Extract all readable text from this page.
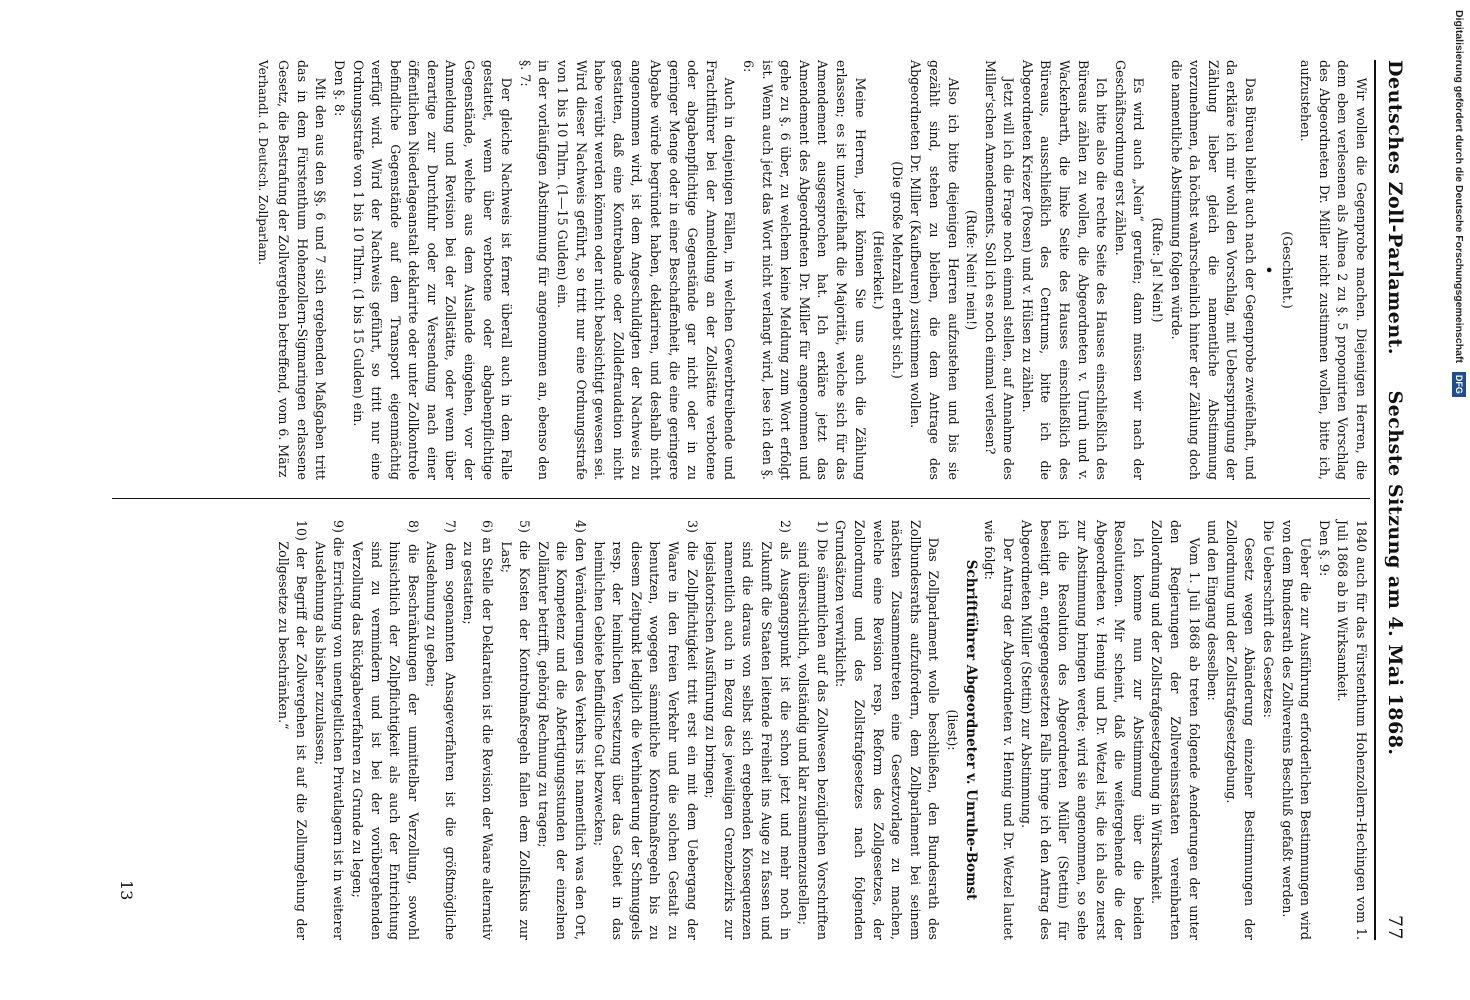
Deutsches Zoll-Parlament.
Sechste Sitzung am 4. Mai 1868.
77

Wir wollen die Gegenprobe machen. Diejenigen Herren, die dem eben verlesenen als Alinea 2 zu §. 5 proponirten Vorschlag des Abgeordneten Dr. Miller nicht zustimmen wollen, bitte ich, aufzustehen.

(Geschieht.)

•

Das Büreau bleibt auch nach der Gegenprobe zweifelhaft, und da erkläre ich mir wohl den Vorschlag, mit Ueberspringung der Zählung lieber gleich die namentliche Abstimmung vorzunehmen, da höchst wahrscheinlich hinter der Zählung doch die namentliche Abstimmung folgen würde.

(Rufe: Ja! Nein!)

Es wird auch „Nein“ gerufen; dann müssen wir nach der Geschäftsordnung erst zählen.

Ich bitte also die rechte Seite des Hauses einschließlich des Büreaus zählen zu wollen, die Abgeordneten v. Unruh und v. Wackerbarth, die linke Seite des Hauses einschließlich des Büreaus, ausschließlich des Centrums, bitte ich die Abgeordneten Kriezer (Posen) und v. Hülsen zu zählen.

Jetzt will ich die Frage noch einmal stellen, auf Annahme des Miller'schen Amendements. Soll ich es noch einmal verlesen?

(Rufe: Nein! nein!)

Also ich bitte diejenigen Herren aufzustehen und bis sie gezählt sind, stehen zu bleiben, die dem Antrage des Abgeordneten Dr. Miller (Kaufbeuren) zustimmen wollen.

(Die große Mehrzahl erhebt sich.)

(Heiterkeit.)

Meine Herren, jetzt können Sie uns auch die Zählung erlassen; es ist unzweifelhaft die Majorität, welche sich für das Amendement ausgesprochen hat. Ich erkläre jetzt das Amendement des Abgeordneten Dr. Miller für angenommen und gehe zu §. 6 über, zu welchem keine Meldung zum Wort erfolgt ist. Wenn auch jetzt das Wort nicht verlangt wird, lese ich den §. 6:

Auch in denjenigen Fällen, in welchen Gewerbtreibende und Frachtführer bei der Anmeldung an der Zollstätte verbotene oder abgabenpflichtige Gegenstände gar nicht oder in zu geringer Menge oder in einer Beschaffenheit, die eine geringere Abgabe würde begründet haben, deklariren, und deshalb nicht angenommen wird, ist dem Angeschuldigten der Nachweis zu gestatten, daß eine Kontrebande oder Zolldefraudation nicht habe verübt werden können oder nicht beabsichtigt gewesen sei. Wird dieser Nachweis geführt, so tritt nur eine Ordnungsstrafe von 1 bis 10 Thlrn. (1—15 Gulden) ein.

in der vorläufigen Abstimmung für angenommen an, ebenso den §. 7:

Der gleiche Nachweis ist ferner überall auch in dem Falle gestattet, wenn über verbotene oder abgabenpflichtige Gegenstände, welche aus dem Auslande eingehen, vor der Anmeldung und Revision bei der Zollstätte, oder wenn über derartige zur Durchfuhr oder zur Versendung nach einer öffentlichen Niederlageanstalt deklarirte oder unter Zollkontrole befindliche Gegenstände auf dem Transport eigenmächtig verfügt wird. Wird der Nachweis geführt, so tritt nur eine Ordnungsstrafe von 1 bis 10 Thlrn. (1 bis 15 Gulden) ein.

Den §. 8:

Mit den aus den §§. 6 und 7 sich ergebenden Maßgaben tritt das in dem Fürstenthum Hohenzollern-Sigmaringen erlassene Gesetz, die Bestrafung der Zollvergehen betreffend, vom 6. März

Verhandl. d. Deutsch. Zollparlam.

1840 auch für das Fürstenthum Hohenzollern-Hechingen vom 1. Juli 1868 ab in Wirksamkeit.

Den §. 9:

Ueber die zur Ausführung erforderlichen Bestimmungen wird von dem Bundesrath des Zollvereins Beschluß gefaßt werden.

Die Ueberschrift des Gesetzes:

Gesetz wegen Abänderung einzelner Bestimmungen der Zollordnung und der Zollstrafgesetzgebung.

und den Eingang desselben:

Vom 1. Juli 1868 ab treten folgende Aenderungen der unter den Regierungen der Zollvereinsstaaten vereinbarten Zollordnung und der Zollstrafgesetzgebung in Wirksamkeit.

Ich komme nun zur Abstimmung über die beiden Resolutionen. Mir scheint, daß die weitergehende die der Abgeordneten v. Hennig und Dr. Wetzel ist, die ich also zuerst zur Abstimmung bringen werde; wird sie angenommen, so sehe ich die Resolution des Abgeordneten Müller (Stettin) für beseitigt an, entgegengesetzten Falls bringe ich den Antrag des Abgeordneten Müller (Stettin) zur Abstimmung.

Der Antrag der Abgeordneten v. Hennig und Dr. Wetzel lautet wie folgt:

Schriftführer Abgeordneter v. Unruhe-Bomst

(liest):

Das Zollparlament wolle beschließen, den Bundesrath des Zollbundesraths aufzufordern, dem Zollparlament bei seinem nächsten Zusammentreten eine Gesetzvorlage zu machen, welche eine Revision resp. Reform des Zollgesetzes, der Zollordnung und des Zollstrafgesetzes nach folgenden Grundsätzen verwirklicht:

1) Die sämmtlichen auf das Zollwesen bezüglichen Vorschriften sind übersichtlich, vollständig und klar zusammenzustellen;

2) als Ausgangspunkt ist die schon jetzt und mehr noch in Zukunft die Staaten leitende Freiheit ins Auge zu fassen und sind die daraus von selbst sich ergebenden Konsequenzen namentlich auch in Bezug des jeweiligen Grenzbezirks zur legislatorischen Ausführung zu bringen;

3) die Zollpflichtigkeit tritt erst ein mit dem Uebergang der Waare in den freien Verkehr und die solchen Gestalt zu benutzen, wogegen sämmtliche Kontrolmaßregeln bis zu diesem Zeitpunkt lediglich die Verhinderung der Schmuggels resp. der heimlichen Versetzung über das Gebiet in das heimlichen Gebiete befindliche Gut bezwecken;

4) den Veränderungen des Verkehrs ist namentlich was den Ort, die Kompetenz und die Abfertigungsstunden der einzelnen Zollämter betrifft, gehörig Rechnung zu tragen;

5) die Kosten der Kontrolmaßregeln fallen dem Zollfiskus zur Last;

6) an Stelle der Deklaration ist die Revision der Waare alternativ zu gestatten;

7) dem sogenannten Ansageverfahren ist die größtmögliche Ausdehnung zu geben;

8) die Beschränkungen der unmittelbar Verzollung, sowohl hinsichtlich der Zollpflichtigkeit als auch der Entrichtung sind zu vermindern und ist bei der vorübergehenden Verzollung das Rückgabeverfahren zu Grunde zu legen;

9) die Errichtung von unentgeltlichen Privatlagern ist in weiterer Ausdehnung als bisher zuzulassen;

10) der Begriff der Zollvergehen ist auf die Zollumgehung der Zollgesetze zu beschränken.“

13
Digitalisierung gefördert durch die Deutsche Forschungsgemeinschaft DFG
